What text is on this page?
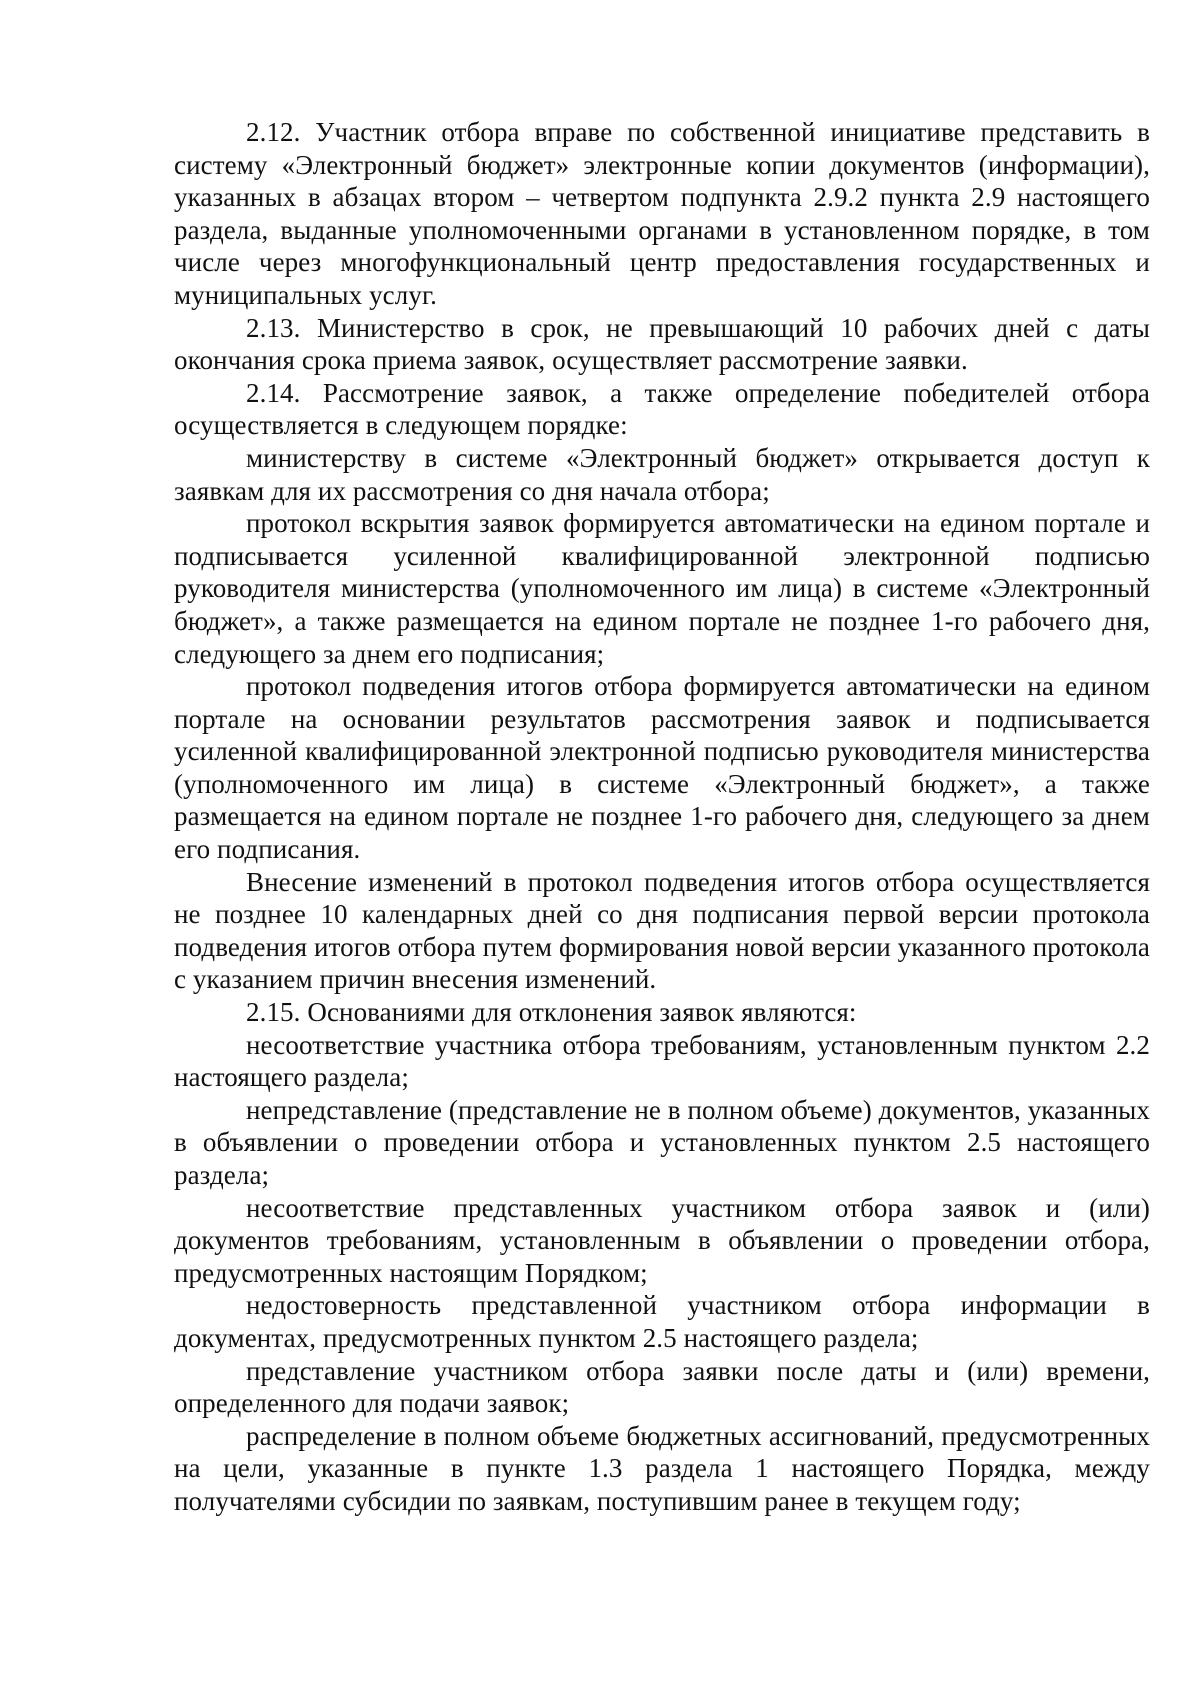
2.12. Участник отбора вправе по собственной инициативе представить в систему «Электронный бюджет» электронные копии документов (информации), указанных в абзацах втором – четвертом подпункта 2.9.2 пункта 2.9 настоящего раздела, выданные уполномоченными органами в установленном порядке, в том числе через многофункциональный центр предоставления государственных и муниципальных услуг.

2.13. Министерство в срок, не превышающий 10 рабочих дней с даты окончания срока приема заявок, осуществляет рассмотрение заявки.

2.14. Рассмотрение заявок, а также определение победителей отбора осуществляется в следующем порядке:

министерству в системе «Электронный бюджет» открывается доступ к заявкам для их рассмотрения со дня начала отбора;

протокол вскрытия заявок формируется автоматически на едином портале и подписывается усиленной квалифицированной электронной подписью руководителя министерства (уполномоченного им лица) в системе «Электронный бюджет», а также размещается на едином портале не позднее 1-го рабочего дня, следующего за днем его подписания;

протокол подведения итогов отбора формируется автоматически на едином портале на основании результатов рассмотрения заявок и подписывается усиленной квалифицированной электронной подписью руководителя министерства (уполномоченного им лица) в системе «Электронный бюджет», а также размещается на едином портале не позднее 1-го рабочего дня, следующего за днем его подписания.

Внесение изменений в протокол подведения итогов отбора осуществляется не позднее 10 календарных дней со дня подписания первой версии протокола подведения итогов отбора путем формирования новой версии указанного протокола с указанием причин внесения изменений.

2.15. Основаниями для отклонения заявок являются:

несоответствие участника отбора требованиям, установленным пунктом 2.2 настоящего раздела;

непредставление (представление не в полном объеме) документов, указанных в объявлении о проведении отбора и установленных пунктом 2.5 настоящего раздела;

несоответствие представленных участником отбора заявок и (или) документов требованиям, установленным в объявлении о проведении отбора, предусмотренных настоящим Порядком;

недостоверность представленной участником отбора информации в документах, предусмотренных пунктом 2.5 настоящего раздела;

представление участником отбора заявки после даты и (или) времени, определенного для подачи заявок;

распределение в полном объеме бюджетных ассигнований, предусмотренных на цели, указанные в пункте 1.3 раздела 1 настоящего Порядка, между получателями субсидии по заявкам, поступившим ранее в текущем году;
